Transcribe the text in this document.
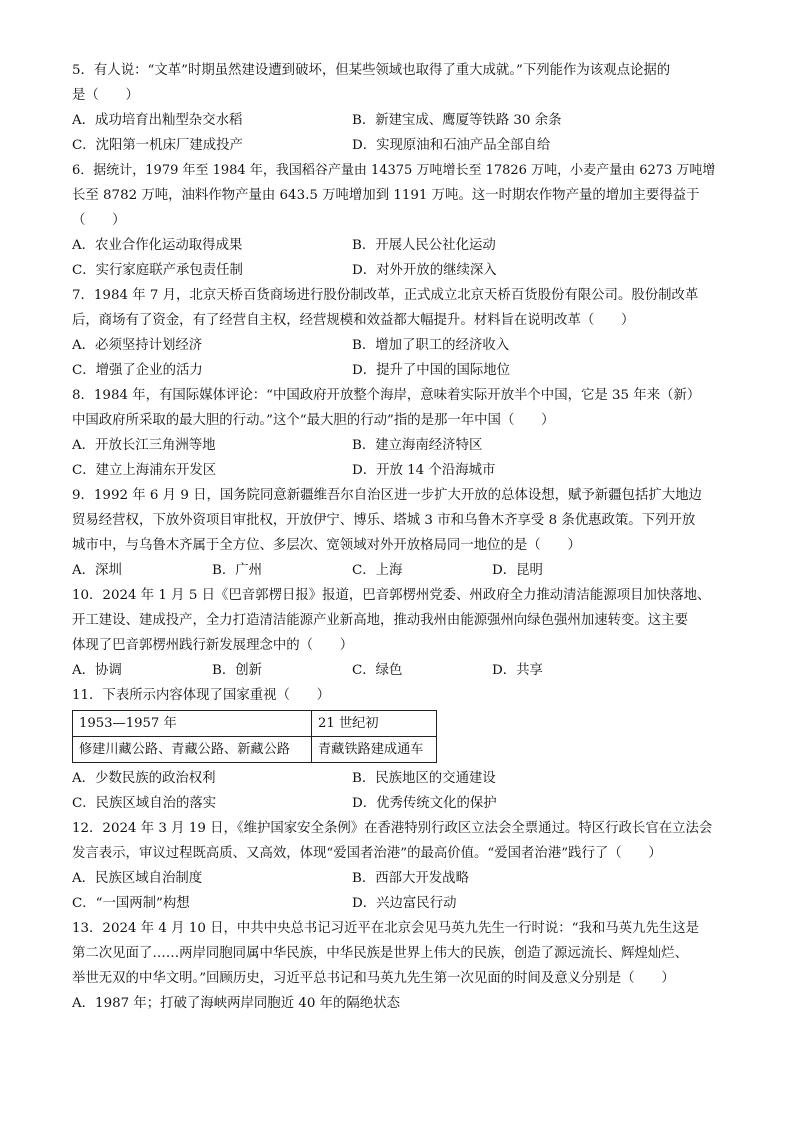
5．有人说：“文革”时期虽然建设遭到破坏，但某些领域也取得了重大成就。”下列能作为该观点论据的
是（　　）
A．成功培育出籼型杂交水稻	B．新建宝成、鹰厦等铁路 30 余条
C．沈阳第一机床厂建成投产	D．实现原油和石油产品全部自给
6．据统计，1979 年至 1984 年，我国稻谷产量由 14375 万吨增长至 17826 万吨，小麦产量由 6273 万吨增
长至 8782 万吨，油料作物产量由 643.5 万吨增加到 1191 万吨。这一时期农作物产量的增加主要得益于
（　　）
A．农业合作化运动取得成果	B．开展人民公社化运动
C．实行家庭联产承包责任制	D．对外开放的继续深入
7．1984 年 7 月，北京天桥百货商场进行股份制改革，正式成立北京天桥百货股份有限公司。股份制改革
后，商场有了资金，有了经营自主权，经营规模和效益都大幅提升。材料旨在说明改革（　　）
A．必须坚持计划经济	B．增加了职工的经济收入
C．增强了企业的活力	D．提升了中国的国际地位
8．1984 年，有国际媒体评论：“中国政府开放整个海岸，意味着实际开放半个中国，它是 35 年来（新）
中国政府所采取的最大胆的行动。”这个“最大胆的行动”指的是那一年中国（　　）
A．开放长江三角洲等地	B．建立海南经济特区
C．建立上海浦东开发区	D．开放 14 个沿海城市
9．1992 年 6 月 9 日，国务院同意新疆维吾尔自治区进一步扩大开放的总体设想，赋予新疆包括扩大地边
贸易经营权，下放外资项目审批权，开放伊宁、博乐、塔城 3 市和乌鲁木齐享受 8 条优惠政策。下列开放
城市中，与乌鲁木齐属于全方位、多层次、宽领域对外开放格局同一地位的是（　　）
A．深圳	B．广州	C．上海	D．昆明
10．2024 年 1 月 5 日《巴音郭楞日报》报道，巴音郭楞州党委、州政府全力推动清洁能源项目加快落地、
开工建设、建成投产，全力打造清洁能源产业新高地，推动我州由能源强州向绿色强州加速转变。这主要
体现了巴音郭楞州践行新发展理念中的（　　）
A．协调	B．创新	C．绿色	D．共享
11．下表所示内容体现了国家重视（　　）
1953—1957 年	21 世纪初
修建川藏公路、青藏公路、新藏公路	青藏铁路建成通车
A．少数民族的政治权利	B．民族地区的交通建设
C．民族区域自治的落实	D．优秀传统文化的保护
12．2024 年 3 月 19 日，《维护国家安全条例》在香港特别行政区立法会全票通过。特区行政长官在立法会
发言表示，审议过程既高质、又高效，体现“爱国者治港”的最高价值。“爱国者治港”践行了（　　）
A．民族区域自治制度	B．西部大开发战略
C．“一国两制”构想	D．兴边富民行动
13．2024 年 4 月 10 日，中共中央总书记习近平在北京会见马英九先生一行时说：“我和马英九先生这是
第二次见面了……两岸同胞同属中华民族，中华民族是世界上伟大的民族，创造了源远流长、辉煌灿烂、
举世无双的中华文明。”回顾历史，习近平总书记和马英九先生第一次见面的时间及意义分别是（　　）
A．1987 年；打破了海峡两岸同胞近 40 年的隔绝状态
